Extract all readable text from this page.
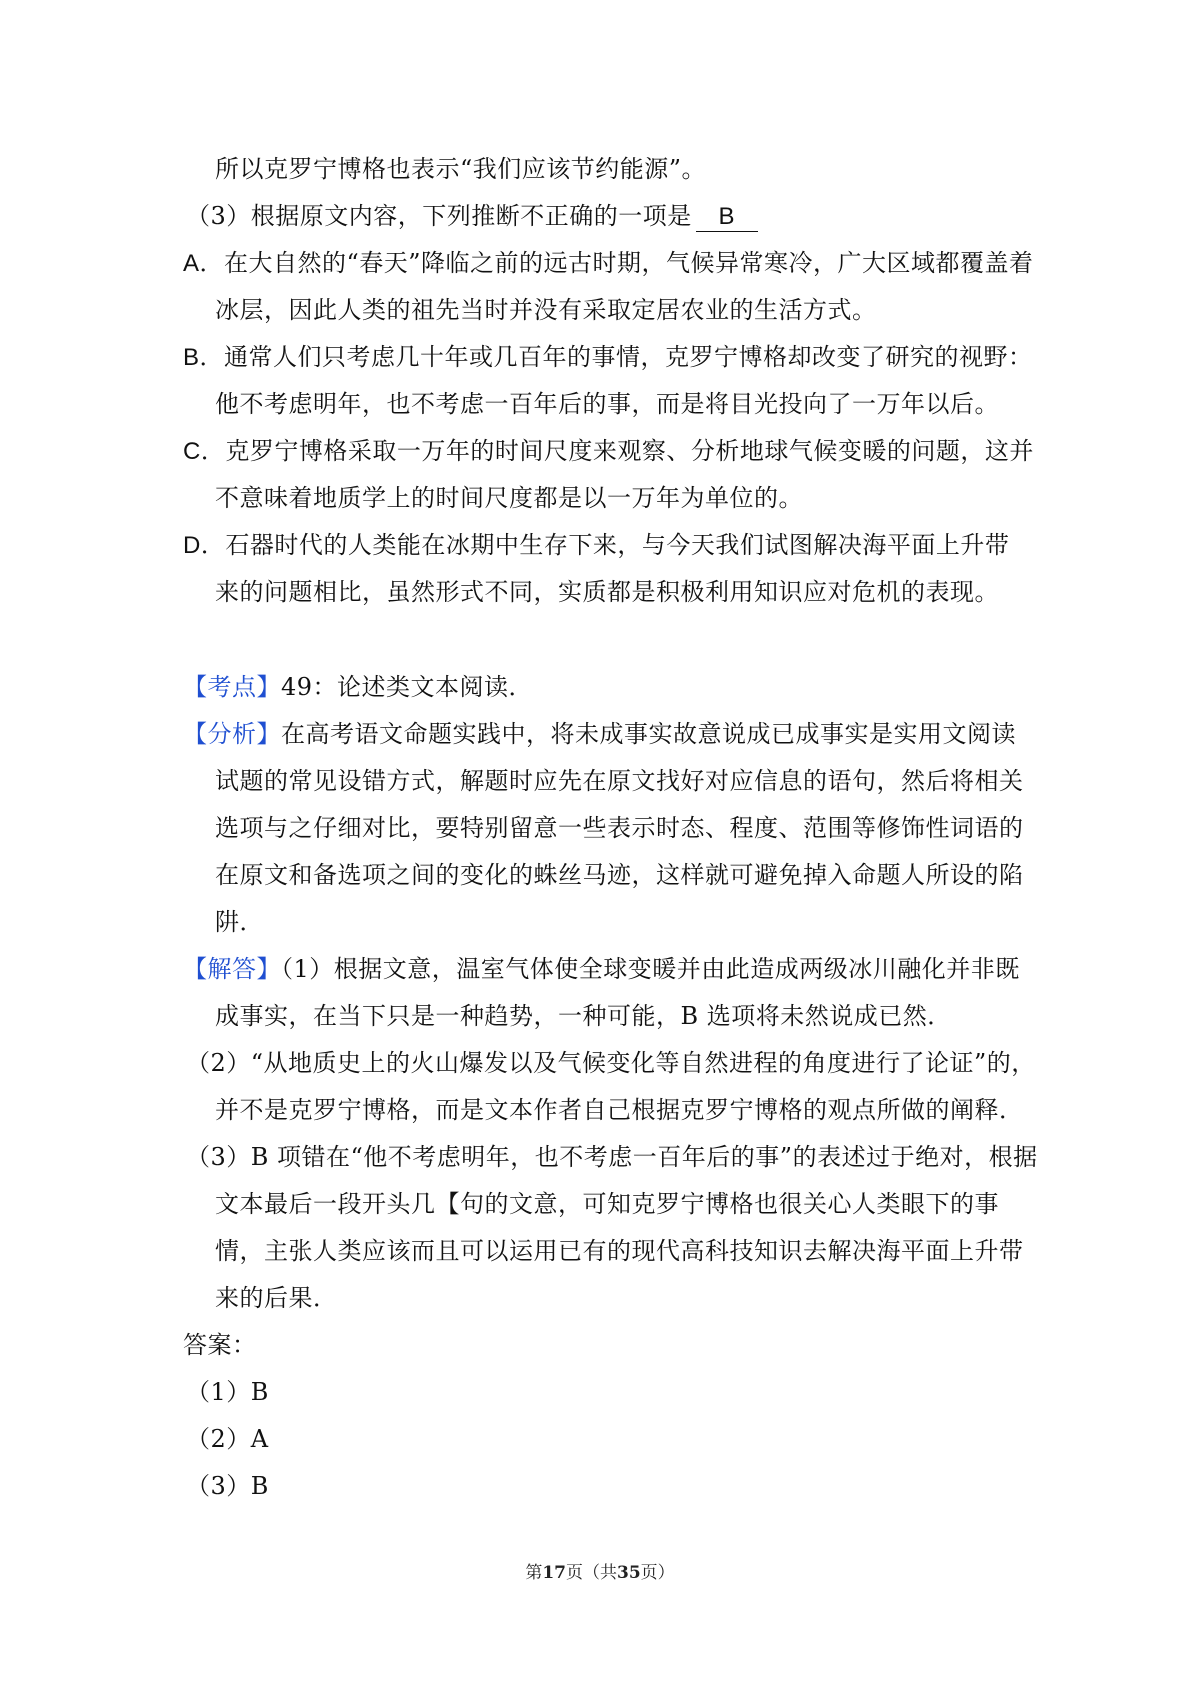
所以克罗宁博格也表示“我们应该节约能源”。
（3）根据原文内容，下列推断不正确的一项是 B
A．在大自然的“春天”降临之前的远古时期，气候异常寒冷，广大区域都覆盖着
冰层，因此人类的祖先当时并没有采取定居农业的生活方式。
B．通常人们只考虑几十年或几百年的事情，克罗宁博格却改变了研究的视野：
他不考虑明年，也不考虑一百年后的事，而是将目光投向了一万年以后。
C．克罗宁博格采取一万年的时间尺度来观察、分析地球气候变暖的问题，这并
不意味着地质学上的时间尺度都是以一万年为单位的。
D．石器时代的人类能在冰期中生存下来，与今天我们试图解决海平面上升带
来的问题相比，虽然形式不同，实质都是积极利用知识应对危机的表现。
【考点】49：论述类文本阅读．
【分析】在高考语文命题实践中，将未成事实故意说成已成事实是实用文阅读
试题的常见设错方式，解题时应先在原文找好对应信息的语句，然后将相关
选项与之仔细对比，要特别留意一些表示时态、程度、范围等修饰性词语的
在原文和备选项之间的变化的蛛丝马迹，这样就可避免掉入命题人所设的陷
阱．
【解答】（1）根据文意，温室气体使全球变暖并由此造成两级冰川融化并非既
成事实，在当下只是一种趋势，一种可能，B 选项将未然说成已然．
（2）“从地质史上的火山爆发以及气候变化等自然进程的角度进行了论证”的，
并不是克罗宁博格，而是文本作者自己根据克罗宁博格的观点所做的阐释．
（3）B 项错在“他不考虑明年，也不考虑一百年后的事”的表述过于绝对，根据
文本最后一段开头几【句的文意，可知克罗宁博格也很关心人类眼下的事
情，主张人类应该而且可以运用已有的现代高科技知识去解决海平面上升带
来的后果．
答案：
（1）B
（2）A
（3）B
第17页（共35页）
